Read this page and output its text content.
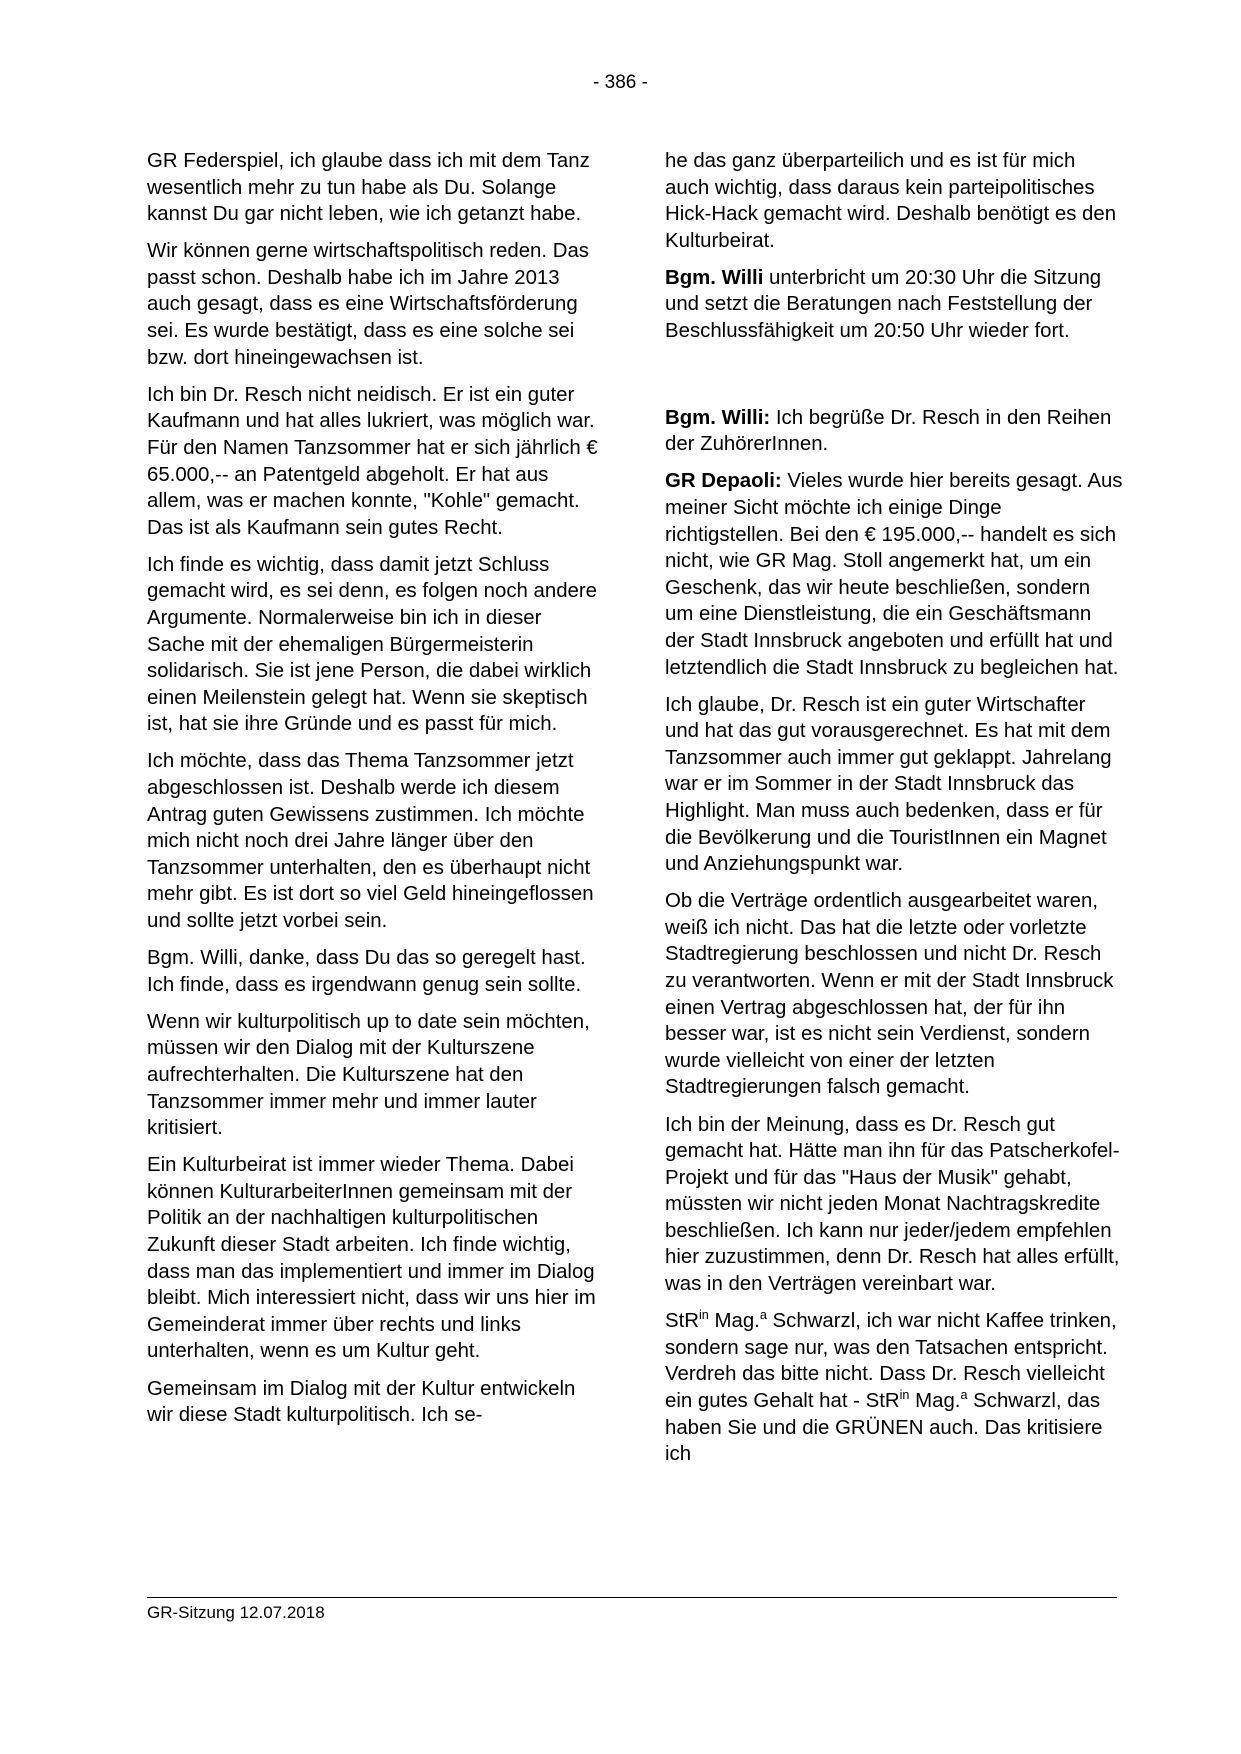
- 386 -

GR Federspiel, ich glaube dass ich mit dem Tanz wesentlich mehr zu tun habe als Du. Solange kannst Du gar nicht leben, wie ich getanzt habe.

Wir können gerne wirtschaftspolitisch reden. Das passt schon. Deshalb habe ich im Jahre 2013 auch gesagt, dass es eine Wirtschaftsförderung sei. Es wurde bestätigt, dass es eine solche sei bzw. dort hineingewachsen ist.

Ich bin Dr. Resch nicht neidisch. Er ist ein guter Kaufmann und hat alles lukriert, was möglich war. Für den Namen Tanzsommer hat er sich jährlich € 65.000,-- an Patentgeld abgeholt. Er hat aus allem, was er machen konnte, "Kohle" gemacht. Das ist als Kaufmann sein gutes Recht.

Ich finde es wichtig, dass damit jetzt Schluss gemacht wird, es sei denn, es folgen noch andere Argumente. Normalerweise bin ich in dieser Sache mit der ehemaligen Bürgermeisterin solidarisch. Sie ist jene Person, die dabei wirklich einen Meilenstein gelegt hat. Wenn sie skeptisch ist, hat sie ihre Gründe und es passt für mich.

Ich möchte, dass das Thema Tanzsommer jetzt abgeschlossen ist. Deshalb werde ich diesem Antrag guten Gewissens zustimmen. Ich möchte mich nicht noch drei Jahre länger über den Tanzsommer unterhalten, den es überhaupt nicht mehr gibt. Es ist dort so viel Geld hineingeflossen und sollte jetzt vorbei sein.

Bgm. Willi, danke, dass Du das so geregelt hast. Ich finde, dass es irgendwann genug sein sollte.

Wenn wir kulturpolitisch up to date sein möchten, müssen wir den Dialog mit der Kulturszene aufrechterhalten. Die Kulturszene hat den Tanzsommer immer mehr und immer lauter kritisiert.

Ein Kulturbeirat ist immer wieder Thema. Dabei können KulturarbeiterInnen gemeinsam mit der Politik an der nachhaltigen kulturpolitischen Zukunft dieser Stadt arbeiten. Ich finde wichtig, dass man das implementiert und immer im Dialog bleibt. Mich interessiert nicht, dass wir uns hier im Gemeinderat immer über rechts und links unterhalten, wenn es um Kultur geht.

Gemeinsam im Dialog mit der Kultur entwickeln wir diese Stadt kulturpolitisch. Ich se-

he das ganz überparteilich und es ist für mich auch wichtig, dass daraus kein parteipolitisches Hick-Hack gemacht wird. Deshalb benötigt es den Kulturbeirat.

Bgm. Willi unterbricht um 20:30 Uhr die Sitzung und setzt die Beratungen nach Feststellung der Beschlussfähigkeit um 20:50 Uhr wieder fort.

Bgm. Willi: Ich begrüße Dr. Resch in den Reihen der ZuhörerInnen.

GR Depaoli: Vieles wurde hier bereits gesagt. Aus meiner Sicht möchte ich einige Dinge richtigstellen. Bei den € 195.000,-- handelt es sich nicht, wie GR Mag. Stoll angemerkt hat, um ein Geschenk, das wir heute beschließen, sondern um eine Dienstleistung, die ein Geschäftsmann der Stadt Innsbruck angeboten und erfüllt hat und letztendlich die Stadt Innsbruck zu begleichen hat.

Ich glaube, Dr. Resch ist ein guter Wirtschafter und hat das gut vorausgerechnet. Es hat mit dem Tanzsommer auch immer gut geklappt. Jahrelang war er im Sommer in der Stadt Innsbruck das Highlight. Man muss auch bedenken, dass er für die Bevölkerung und die TouristInnen ein Magnet und Anziehungspunkt war.

Ob die Verträge ordentlich ausgearbeitet waren, weiß ich nicht. Das hat die letzte oder vorletzte Stadtregierung beschlossen und nicht Dr. Resch zu verantworten. Wenn er mit der Stadt Innsbruck einen Vertrag abgeschlossen hat, der für ihn besser war, ist es nicht sein Verdienst, sondern wurde vielleicht von einer der letzten Stadtregierungen falsch gemacht.

Ich bin der Meinung, dass es Dr. Resch gut gemacht hat. Hätte man ihn für das Patscherkofel-Projekt und für das "Haus der Musik" gehabt, müssten wir nicht jeden Monat Nachtragskredite beschließen. Ich kann nur jeder/jedem empfehlen hier zuzustimmen, denn Dr. Resch hat alles erfüllt, was in den Verträgen vereinbart war.

StR$^{in}$ Mag.$^a$ Schwarzl, ich war nicht Kaffee trinken, sondern sage nur, was den Tatsachen entspricht. Verdreh das bitte nicht. Dass Dr. Resch vielleicht ein gutes Gehalt hat - StR$^{in}$ Mag.$^a$ Schwarzl, das haben Sie und die GRÜNEN auch. Das kritisiere ich

GR-Sitzung 12.07.2018
